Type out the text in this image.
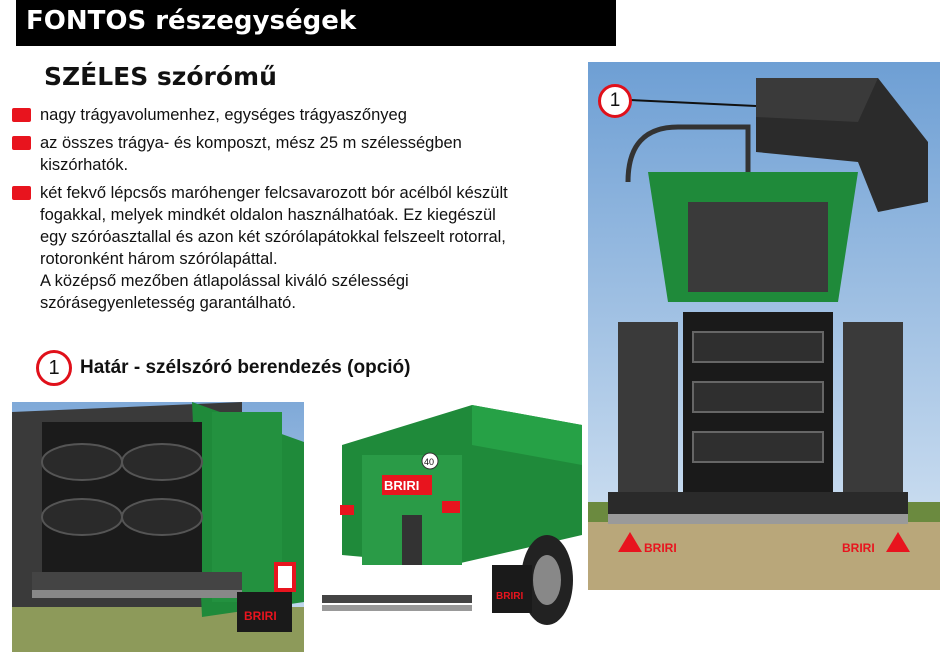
FONTOS részegységek
SZÉLES szórómű
nagy trágyavolumenhez, egységes trágyaszőnyeg
az összes trágya- és komposzt, mész 25 m szélességben
kiszórhatók.
két fekvő lépcsős maróhenger felcsavarozott bór acélból készült
fogakkal, melyek mindkét oldalon használhatóak. Ez kiegészül
egy szóróasztallal és azon két szórólapátokkal felszeelt rotorral,
rotoronként három szórólapáttal.
A középső mezőben átlapolással kiváló szélességi
szórásegyenletesség garantálható.
1	Határ - szélszóró berendezés (opció)
BRIRI
BRIRI
40
BRIRI
BRIRI	BRIRI
1
